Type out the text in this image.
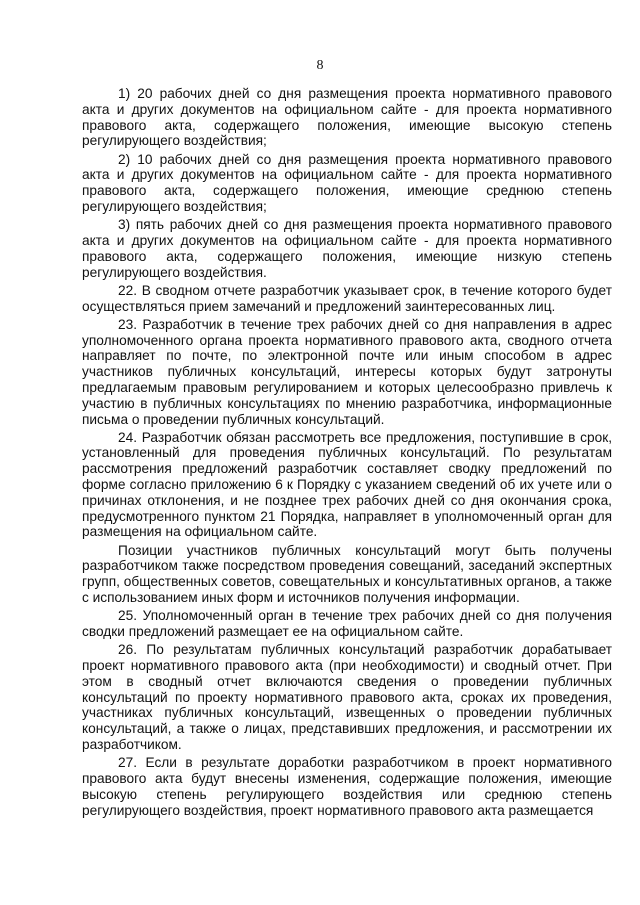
8

1) 20 рабочих дней со дня размещения проекта нормативного правового акта и других документов на официальном сайте - для проекта нормативного правового акта, содержащего положения, имеющие высокую степень регулирующего воздействия;

2) 10 рабочих дней со дня размещения проекта нормативного правового акта и других документов на официальном сайте - для проекта нормативного правового акта, содержащего положения, имеющие среднюю степень регулирующего воздействия;

3) пять рабочих дней со дня размещения проекта нормативного правового акта и других документов на официальном сайте - для проекта нормативного правового акта, содержащего положения, имеющие низкую степень регулирующего воздействия.

22. В сводном отчете разработчик указывает срок, в течение которого будет осуществляться прием замечаний и предложений заинтересованных лиц.

23. Разработчик в течение трех рабочих дней со дня направления в адрес уполномоченного органа проекта нормативного правового акта, сводного отчета направляет по почте, по электронной почте или иным способом в адрес участников публичных консультаций, интересы которых будут затронуты предлагаемым правовым регулированием и которых целесообразно привлечь к участию в публичных консультациях по мнению разработчика, информационные письма о проведении публичных консультаций.

24. Разработчик обязан рассмотреть все предложения, поступившие в срок, установленный для проведения публичных консультаций. По результатам рассмотрения предложений разработчик составляет сводку предложений по форме согласно приложению 6 к Порядку с указанием сведений об их учете или о причинах отклонения, и не позднее трех рабочих дней со дня окончания срока, предусмотренного пунктом 21 Порядка, направляет в уполномоченный орган для размещения на официальном сайте.

Позиции участников публичных консультаций могут быть получены разработчиком также посредством проведения совещаний, заседаний экспертных групп, общественных советов, совещательных и консультативных органов, а также с использованием иных форм и источников получения информации.

25. Уполномоченный орган в течение трех рабочих дней со дня получения сводки предложений размещает ее на официальном сайте.

26. По результатам публичных консультаций разработчик дорабатывает проект нормативного правового акта (при необходимости) и сводный отчет. При этом в сводный отчет включаются сведения о проведении публичных консультаций по проекту нормативного правового акта, сроках их проведения, участниках публичных консультаций, извещенных о проведении публичных консультаций, а также о лицах, представивших предложения, и рассмотрении их разработчиком.

27. Если в результате доработки разработчиком в проект нормативного правового акта будут внесены изменения, содержащие положения, имеющие высокую степень регулирующего воздействия или среднюю степень регулирующего воздействия, проект нормативного правового акта размещается
